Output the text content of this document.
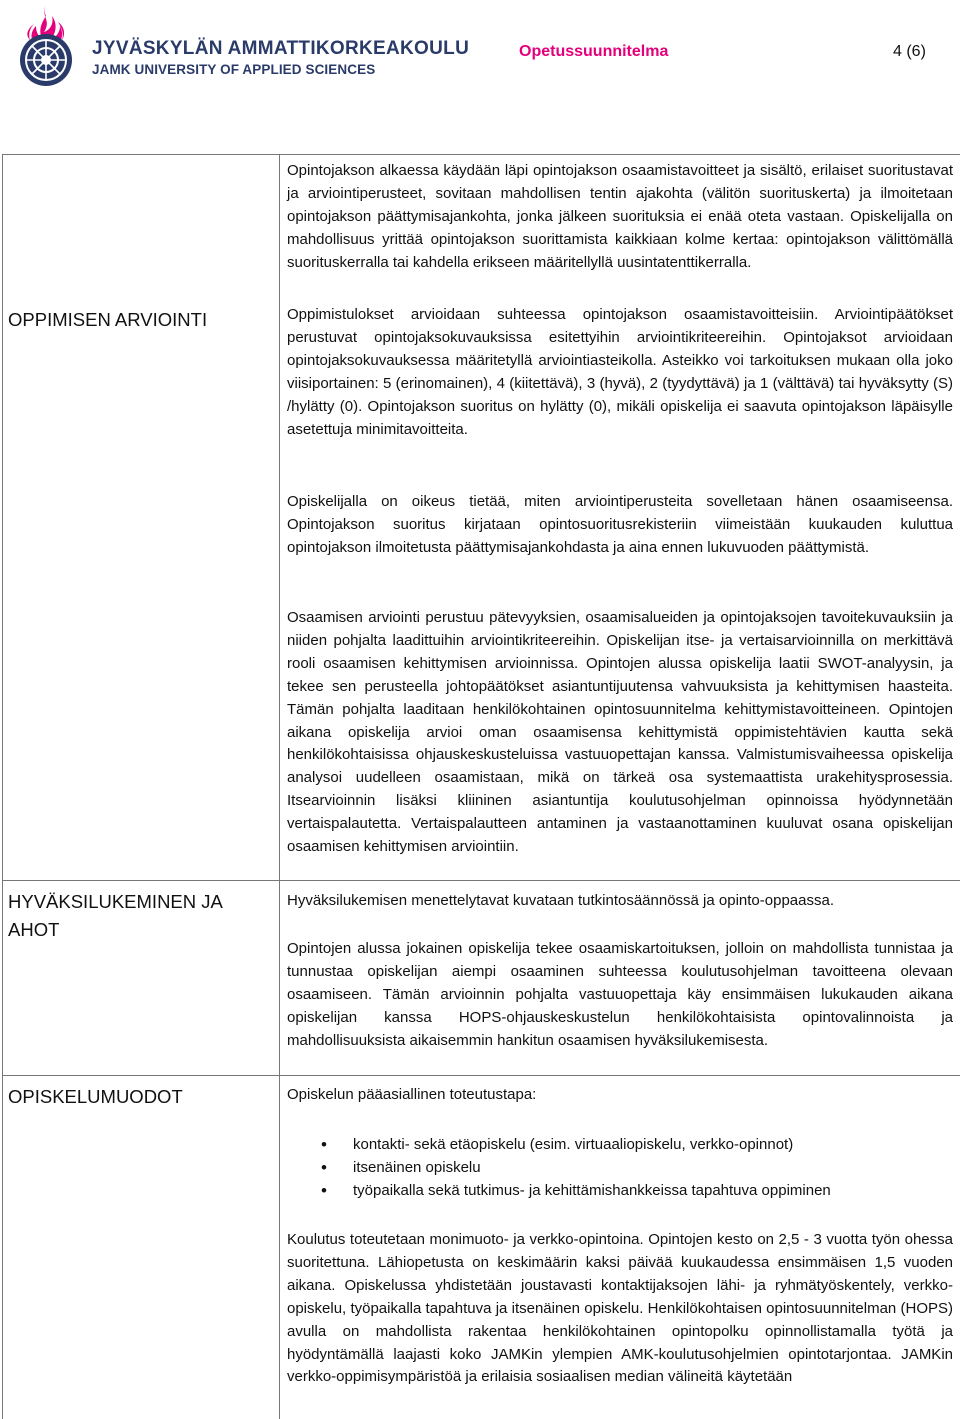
JYVÄSKYLÄN AMMATTIKORKEAKOULU
JAMK UNIVERSITY OF APPLIED SCIENCES
Opetussuunnitelma	4 (6)
OPPIMISEN ARVIOINTI

Opintojakson alkaessa käydään läpi opintojakson osaamistavoitteet ja sisältö, erilaiset suoritustavat ja arviointiperusteet, sovitaan mahdollisen tentin ajakohta (välitön suorituskerta) ja ilmoitetaan opintojakson päättymisajankohta, jonka jälkeen suorituksia ei enää oteta vastaan. Opiskelijalla on mahdollisuus yrittää opintojakson suorittamista kaikkiaan kolme kertaa: opintojakson välittömällä suorituskerralla tai kahdella erikseen määritellyllä uusintatenttikerralla.

Oppimistulokset arvioidaan suhteessa opintojakson osaamistavoitteisiin. Arviointipäätökset perustuvat opintojaksokuvauksissa esitettyihin arviointikriteereihin. Opintojaksot arvioidaan opintojaksokuvauksessa määritetyllä arviointiasteikolla. Asteikko voi tarkoituksen mukaan olla joko viisiportainen: 5 (erinomainen), 4 (kiitettävä), 3 (hyvä), 2 (tyydyttävä) ja 1 (välttävä) tai hyväksytty (S) /hylätty (0). Opintojakson suoritus on hylätty (0), mikäli opiskelija ei saavuta opintojakson läpäisylle asetettuja minimitavoitteita.

Opiskelijalla on oikeus tietää, miten arviointiperusteita sovelletaan hänen osaamiseensa. Opintojakson suoritus kirjataan opintosuoritusrekisteriin viimeistään kuukauden kuluttua opintojakson ilmoitetusta päättymisajankohdasta ja aina ennen lukuvuoden päättymistä.

Osaamisen arviointi perustuu pätevyyksien, osaamisalueiden ja opintojaksojen tavoitekuvauksiin ja niiden pohjalta laadittuihin arviointikriteereihin. Opiskelijan itse- ja vertaisarvioinnilla on merkittävä rooli osaamisen kehittymisen arvioinnissa. Opintojen alussa opiskelija laatii SWOT-analyysin, ja tekee sen perusteella johtopäätökset asiantuntijuutensa vahvuuksista ja kehittymisen haasteita. Tämän pohjalta laaditaan henkilökohtainen opintosuunnitelma kehittymistavoitteineen. Opintojen aikana opiskelija arvioi oman osaamisensa kehittymistä oppimistehtävien kautta sekä henkilökohtaisissa ohjauskeskusteluissa vastuuopettajan kanssa. Valmistumisvaiheessa opiskelija analysoi uudelleen osaamistaan, mikä on tärkeä osa systemaattista urakehitysprosessia. Itsearvioinnin lisäksi kliininen asiantuntija koulutusohjelman opinnoissa hyödynnetään vertaispalautetta. Vertaispalautteen antaminen ja vastaanottaminen kuuluvat osana opiskelijan osaamisen kehittymisen arviointiin.

HYVÄKSILUKEMINEN JA AHOT

Hyväksilukemisen menettelytavat kuvataan tutkintosäännössä ja opinto-oppaassa.

Opintojen alussa jokainen opiskelija tekee osaamiskartoituksen, jolloin on mahdollista tunnistaa ja tunnustaa opiskelijan aiempi osaaminen suhteessa koulutusohjelman tavoitteena olevaan osaamiseen. Tämän arvioinnin pohjalta vastuuopettaja käy ensimmäisen lukukauden aikana opiskelijan kanssa HOPS-ohjauskeskustelun henkilökohtaisista opintovalinnoista ja mahdollisuuksista aikaisemmin hankitun osaamisen hyväksilukemisesta.

OPISKELUMUODOT	Opiskelun pääasiallinen toteutustapa:

• kontakti- sekä etäopiskelu (esim. virtuaaliopiskelu, verkko-opinnot)
• itsenäinen opiskelu
• työpaikalla sekä tutkimus- ja kehittämishankkeissa tapahtuva oppiminen

Koulutus toteutetaan monimuoto- ja verkko-opintoina. Opintojen kesto on 2,5 - 3 vuotta työn ohessa suoritettuna. Lähiopetusta on keskimäärin kaksi päivää kuukaudessa ensimmäisen 1,5 vuoden aikana. Opiskelussa yhdistetään joustavasti kontaktijaksojen lähi- ja ryhmätyöskentely, verkko-opiskelu, työpaikalla tapahtuva ja itsenäinen opiskelu. Henkilökohtaisen opintosuunnitelman (HOPS) avulla on mahdollista rakentaa henkilökohtainen opintopolku opinnollistamalla työtä ja hyödyntämällä laajasti koko JAMKin ylempien AMK-koulutusohjelmien opintotarjontaa. JAMKin verkko-oppimisympäristöä ja erilaisia sosiaalisen median välineitä käytetään
